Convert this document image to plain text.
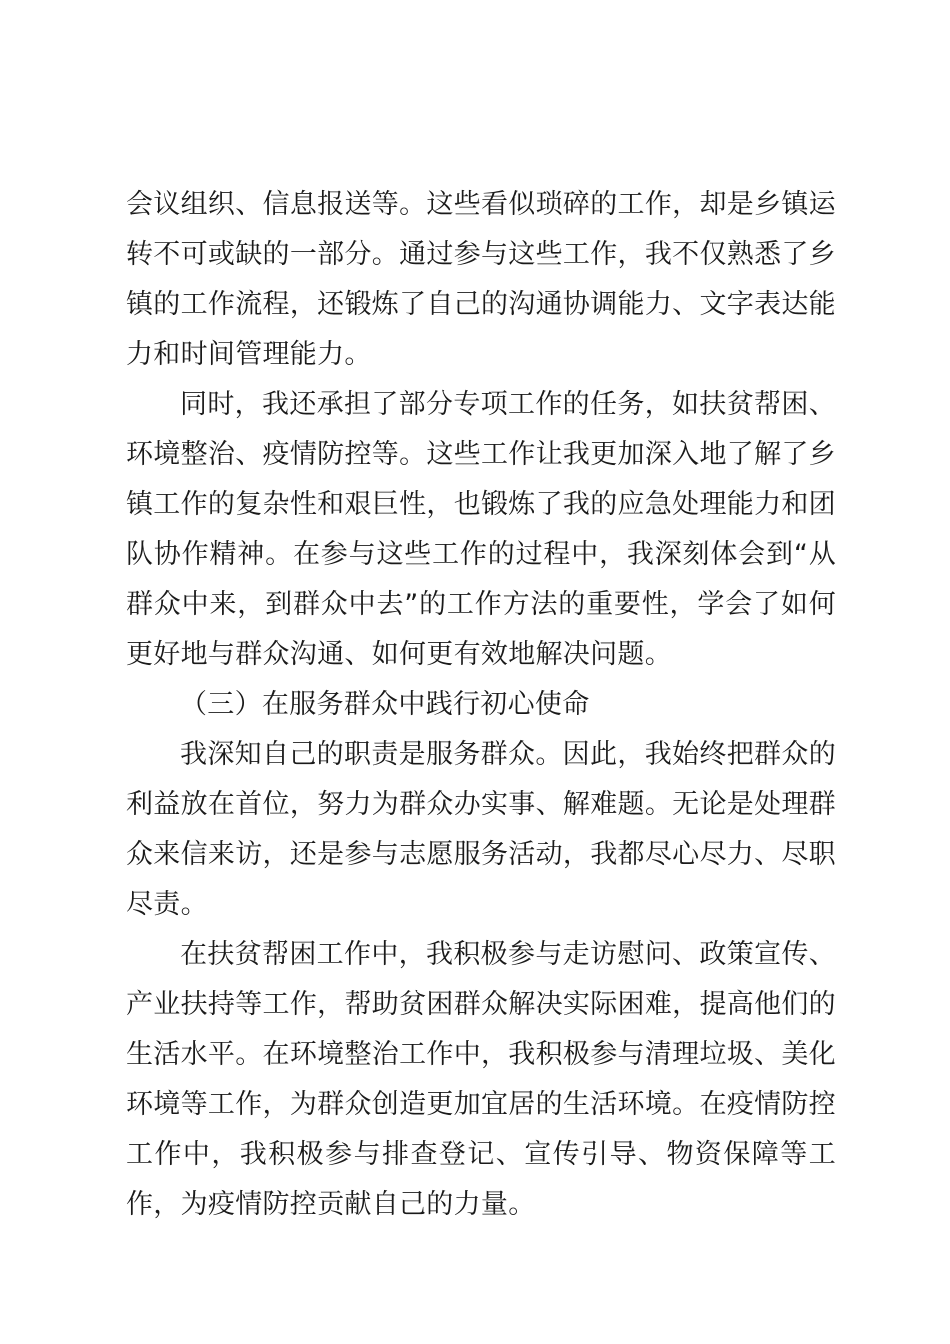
会议组织、信息报送等。这些看似琐碎的工作，却是乡镇运转不可或缺的一部分。通过参与这些工作，我不仅熟悉了乡镇的工作流程，还锻炼了自己的沟通协调能力、文字表达能力和时间管理能力。

同时，我还承担了部分专项工作的任务，如扶贫帮困、环境整治、疫情防控等。这些工作让我更加深入地了解了乡镇工作的复杂性和艰巨性，也锻炼了我的应急处理能力和团队协作精神。在参与这些工作的过程中，我深刻体会到“从群众中来，到群众中去”的工作方法的重要性，学会了如何更好地与群众沟通、如何更有效地解决问题。

（三）在服务群众中践行初心使命

我深知自己的职责是服务群众。因此，我始终把群众的利益放在首位，努力为群众办实事、解难题。无论是处理群众来信来访，还是参与志愿服务活动，我都尽心尽力、尽职尽责。

在扶贫帮困工作中，我积极参与走访慰问、政策宣传、产业扶持等工作，帮助贫困群众解决实际困难，提高他们的生活水平。在环境整治工作中，我积极参与清理垃圾、美化环境等工作，为群众创造更加宜居的生活环境。在疫情防控工作中，我积极参与排查登记、宣传引导、物资保障等工作，为疫情防控贡献自己的力量。
